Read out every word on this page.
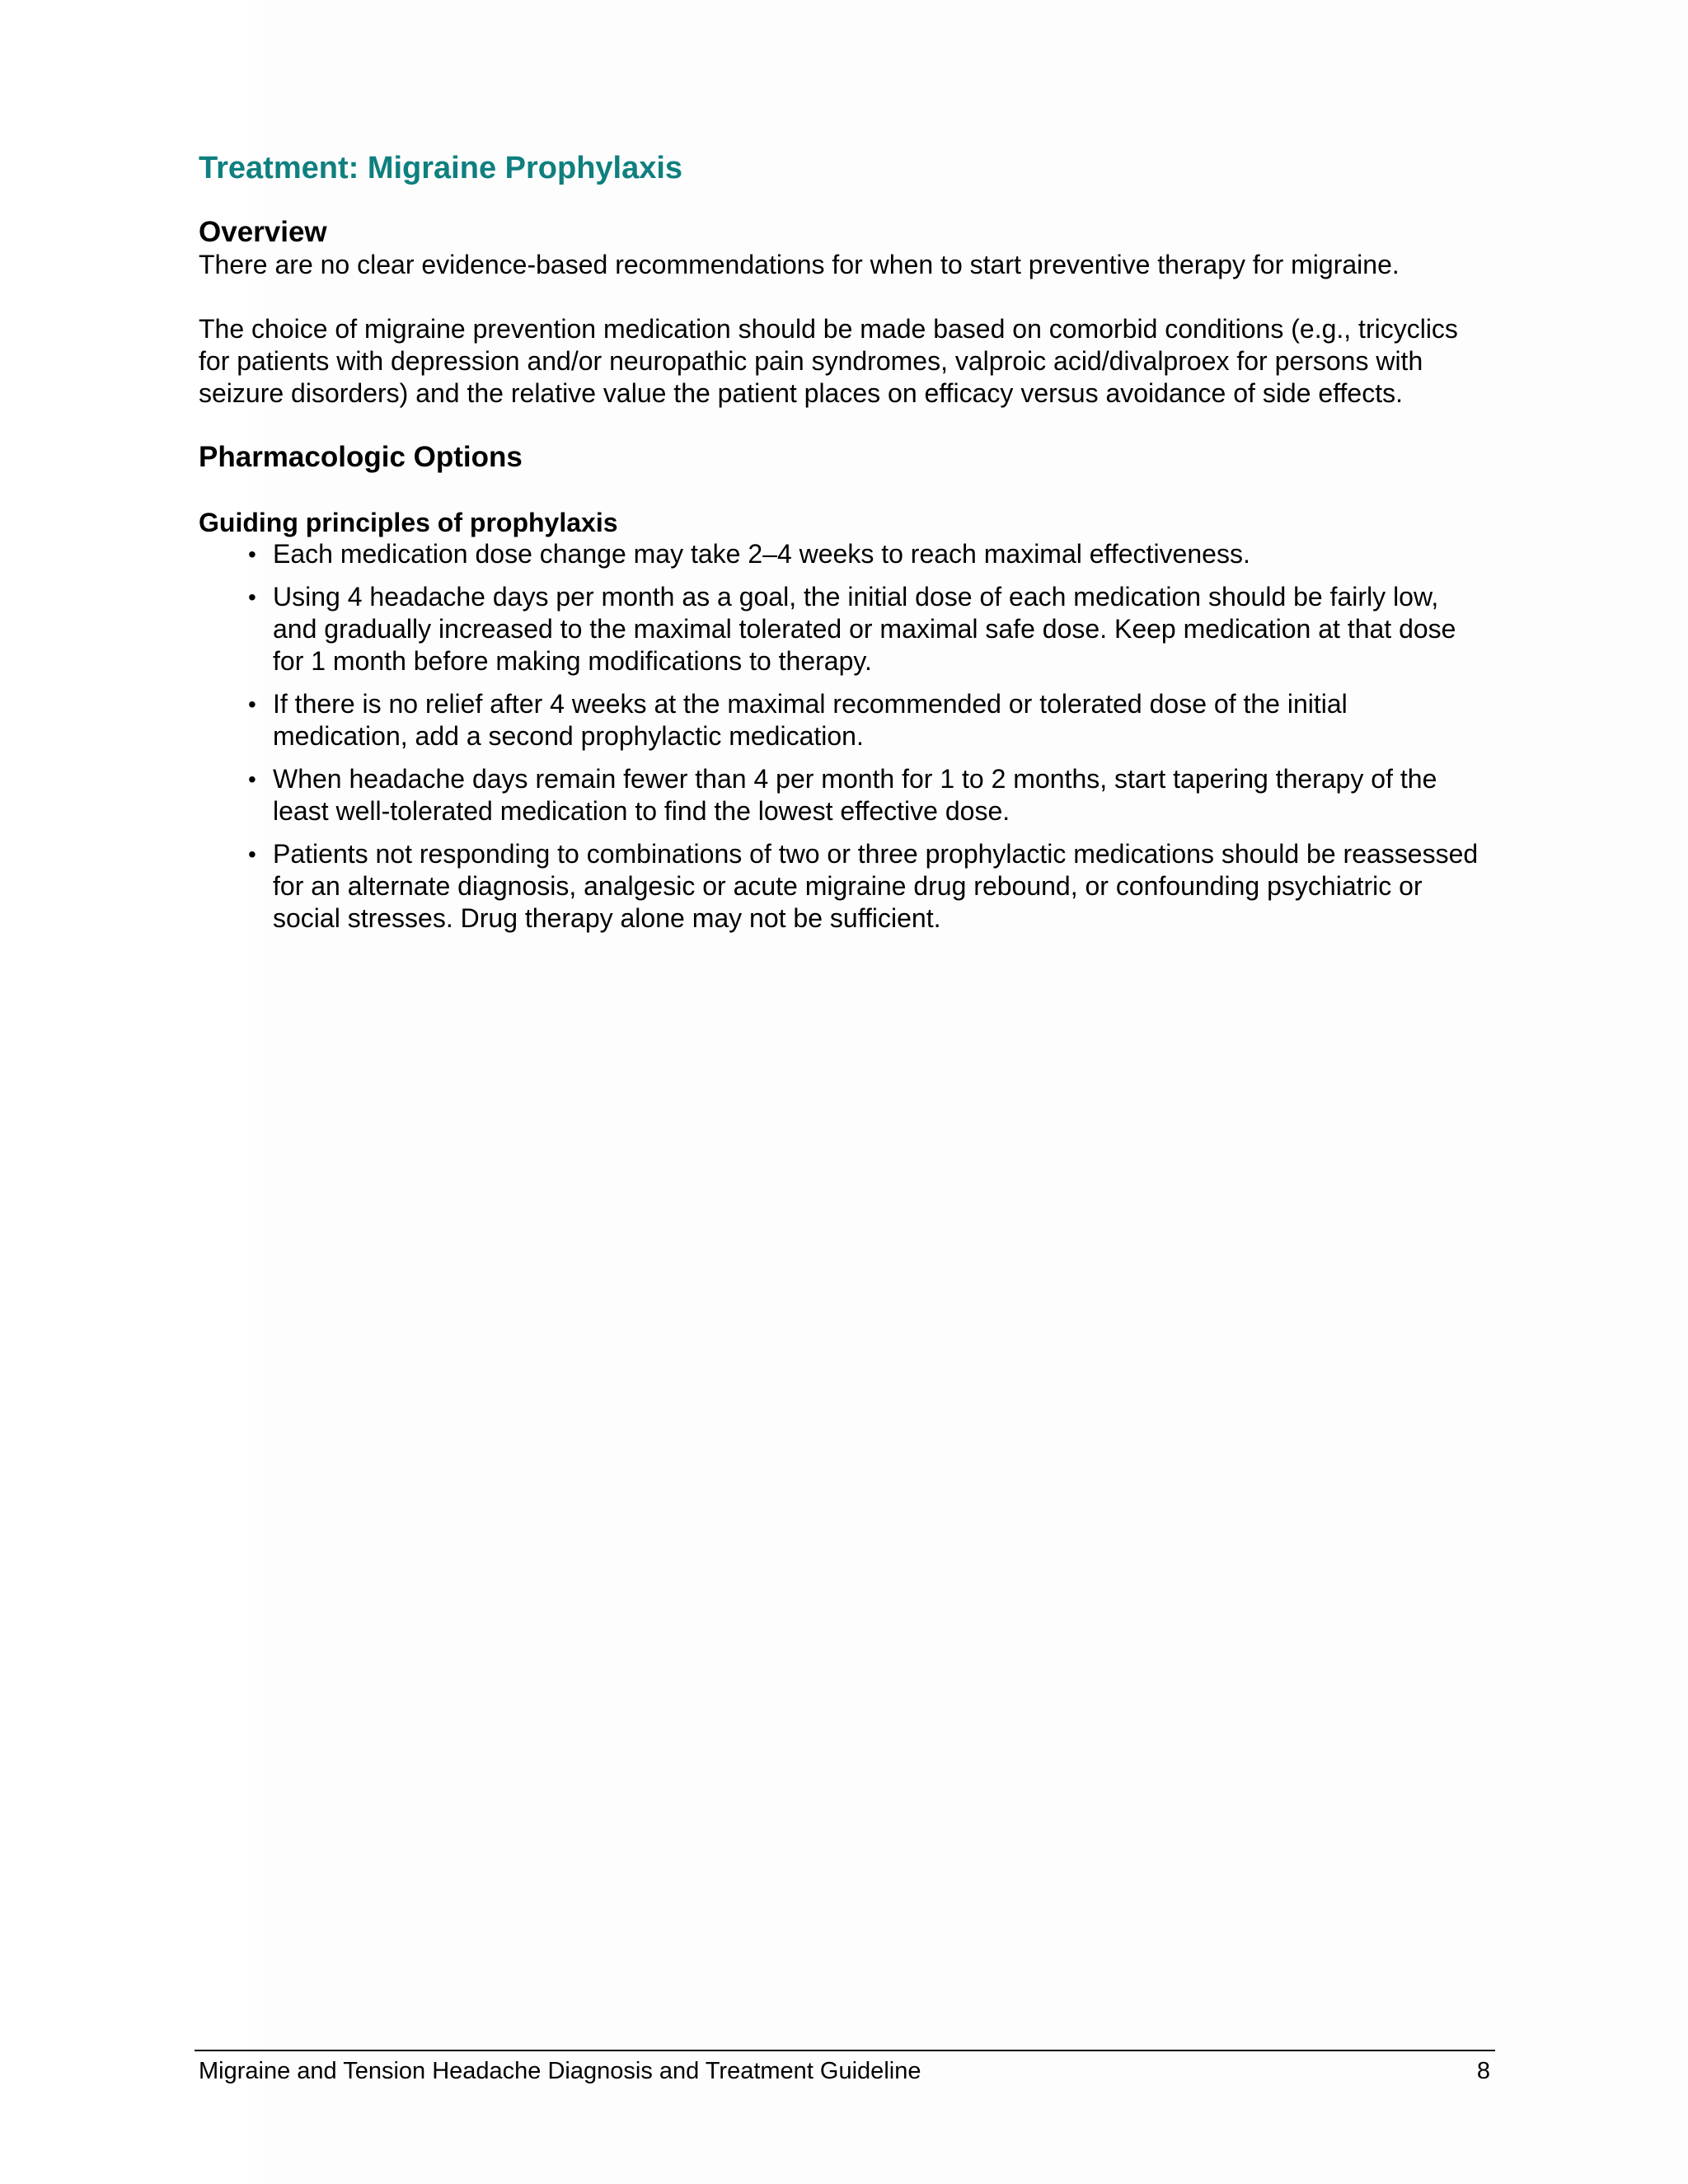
Treatment: Migraine Prophylaxis
Overview

There are no clear evidence-based recommendations for when to start preventive therapy for migraine.

The choice of migraine prevention medication should be made based on comorbid conditions (e.g., tricyclics for patients with depression and/or neuropathic pain syndromes, valproic acid/divalproex for persons with seizure disorders) and the relative value the patient places on efficacy versus avoidance of side effects.

Pharmacologic Options
Guiding principles of prophylaxis
• Each medication dose change may take 2–4 weeks to reach maximal effectiveness.
• Using 4 headache days per month as a goal, the initial dose of each medication should be fairly low, and gradually increased to the maximal tolerated or maximal safe dose. Keep medication at that dose for 1 month before making modifications to therapy.
• If there is no relief after 4 weeks at the maximal recommended or tolerated dose of the initial medication, add a second prophylactic medication.
• When headache days remain fewer than 4 per month for 1 to 2 months, start tapering therapy of the least well-tolerated medication to find the lowest effective dose.
• Patients not responding to combinations of two or three prophylactic medications should be reassessed for an alternate diagnosis, analgesic or acute migraine drug rebound, or confounding psychiatric or social stresses. Drug therapy alone may not be sufficient.
Migraine and Tension Headache Diagnosis and Treatment Guideline	8
